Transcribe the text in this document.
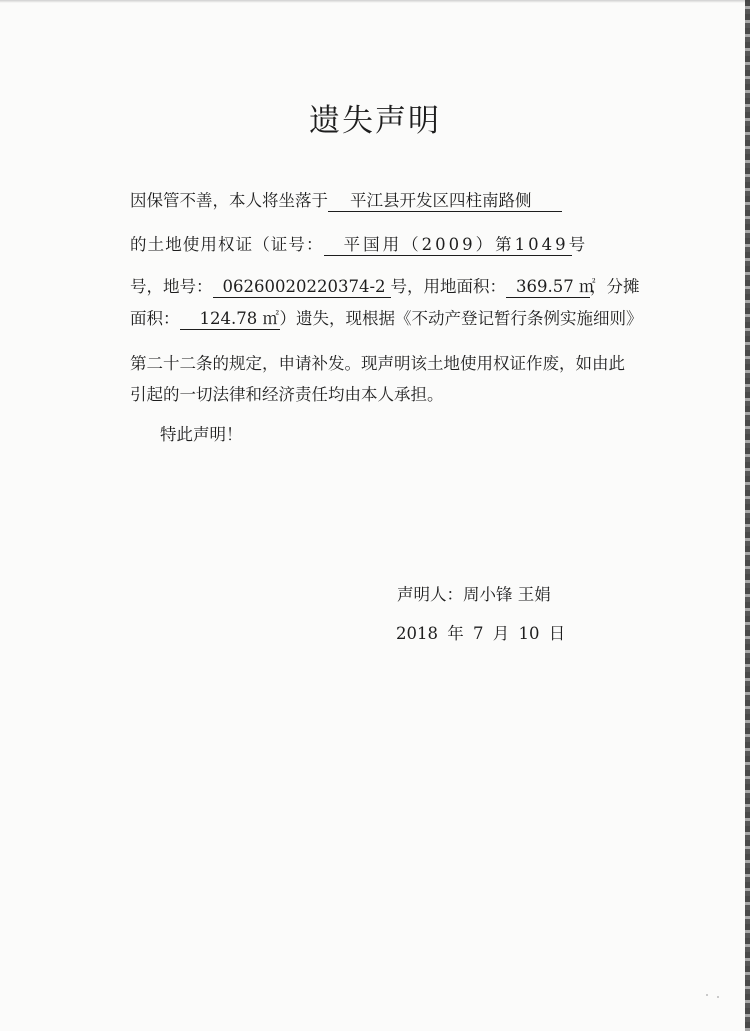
遗失声明
因保管不善，本人将坐落于 平江县开发区四柱南路侧
的土地使用权证（证号： 平国用（2009）第1049号
号，地号： 06260020220374-2 号，用地面积： 369.57 ㎡，分摊
面积： 124.78 ㎡）遗失，现根据《不动产登记暂行条例实施细则》
第二十二条的规定，申请补发。现声明该土地使用权证作废，如由此
引起的一切法律和经济责任均由本人承担。
特此声明！
声明人：周小锋 王娟
2018 年 7 月 10 日
